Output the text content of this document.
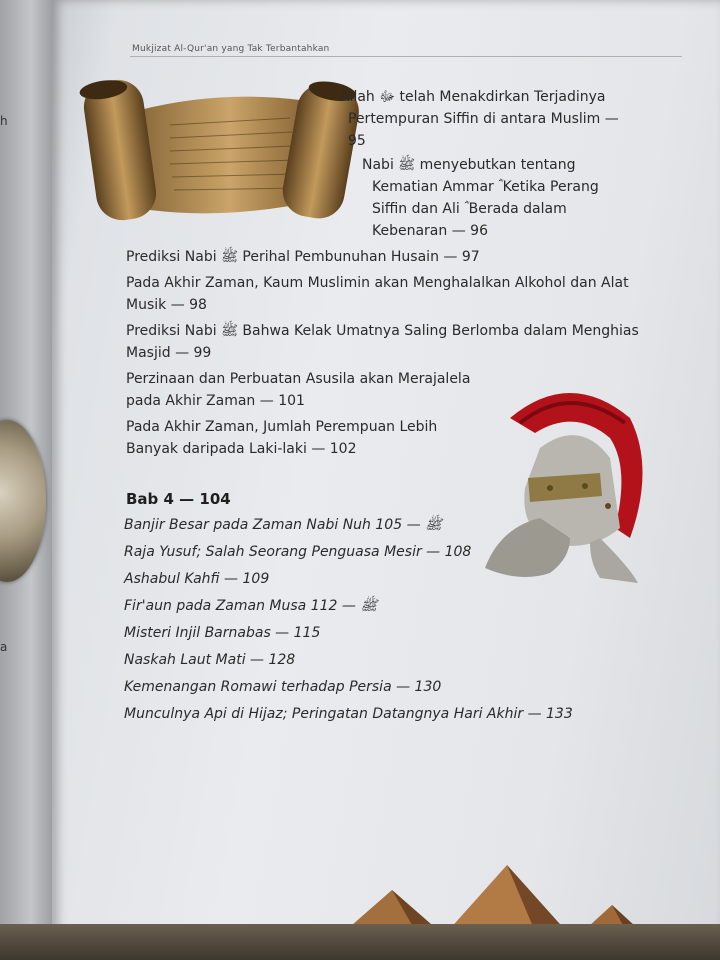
h
a
Mukjizat Al-Qur'an yang Tak Terbantahkan
Allah ﷻ telah Menakdirkan Terjadinya
Pertempuran Siffin di antara Muslim —
95
Nabi ﷺ menyebutkan tentang
Kematian Ammar ؓ Ketika Perang
Siffin dan Ali ؓ Berada dalam
Kebenaran — 96
Prediksi Nabi ﷺ Perihal Pembunuhan Husain — 97
Pada Akhir Zaman, Kaum Muslimin akan Menghalalkan Alkohol dan Alat
Musik — 98
Prediksi Nabi ﷺ Bahwa Kelak Umatnya Saling Berlomba dalam Menghias
Masjid — 99
Perzinaan dan Perbuatan Asusila akan Merajalela
pada Akhir Zaman — 101
Pada Akhir Zaman, Jumlah Perempuan Lebih
Banyak daripada Laki-laki — 102
Bab 4 — 104
Banjir Besar pada Zaman Nabi Nuh ﷺ — 105
Raja Yusuf; Salah Seorang Penguasa Mesir — 108
Ashabul Kahfi — 109
Fir'aun pada Zaman Musa ﷺ — 112
Misteri Injil Barnabas — 115
Naskah Laut Mati — 128
Kemenangan Romawi terhadap Persia — 130
Munculnya Api di Hijaz; Peringatan Datangnya Hari Akhir — 133
